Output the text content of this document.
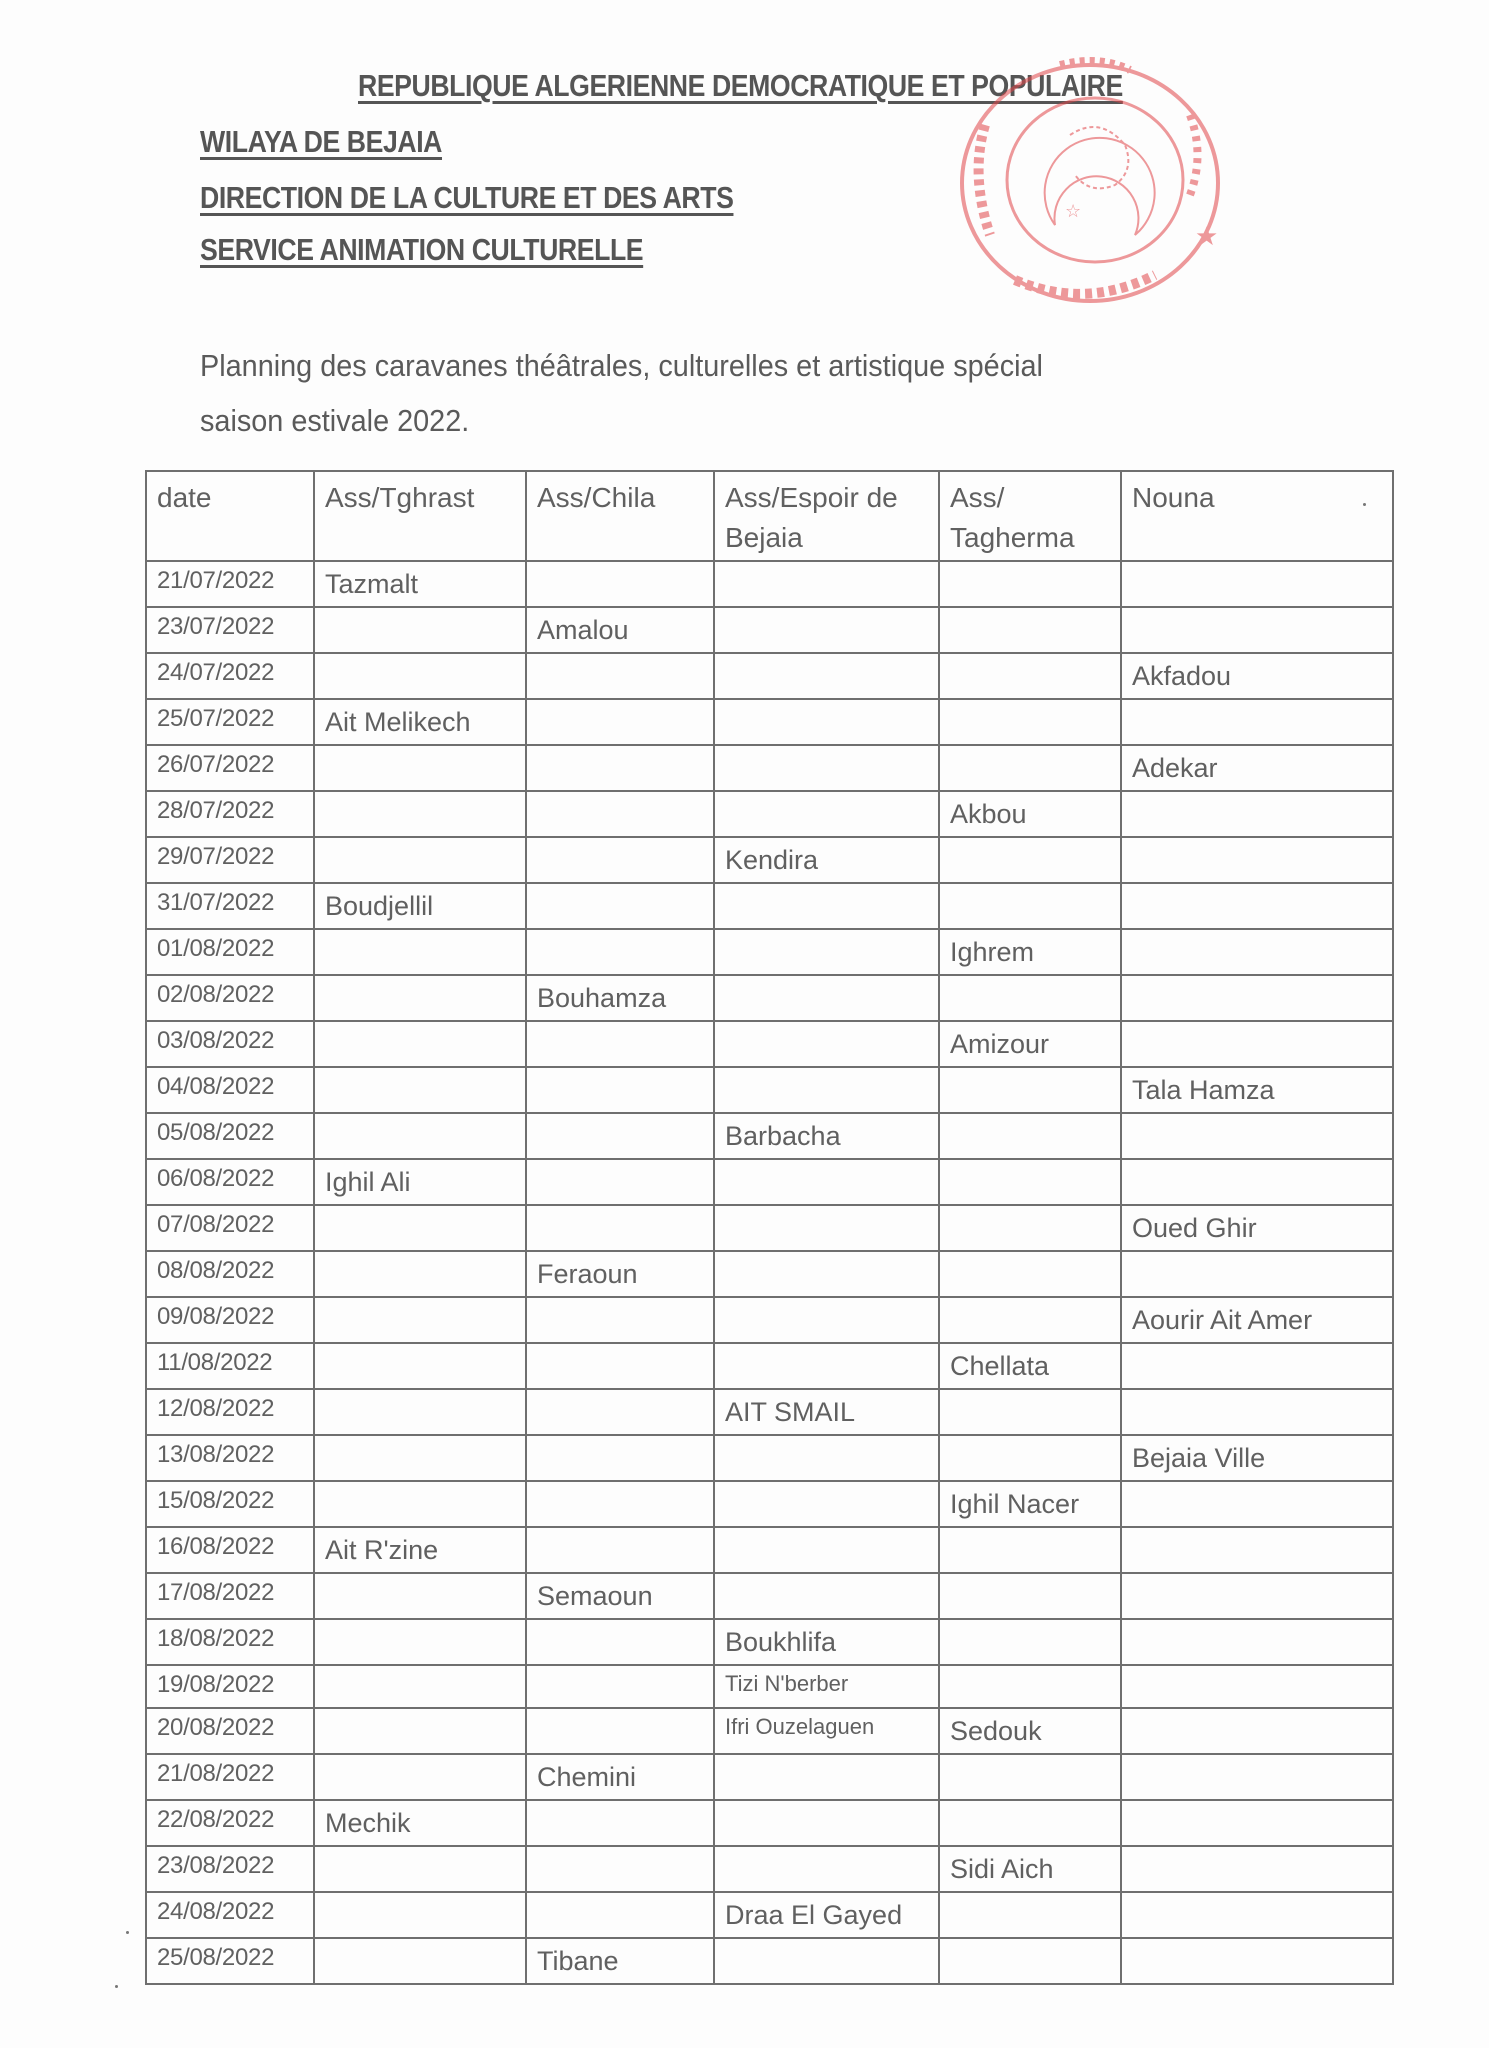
REPUBLIQUE ALGERIENNE DEMOCRATIQUE ET POPULAIRE
WILAYA DE BEJAIA
DIRECTION DE LA CULTURE ET DES ARTS
SERVICE ANIMATION CULTURELLE	★
☆
Planning des caravanes théâtrales, culturelles et artistique spécial
saison estivale 2022.
date	Ass/Tghrast	Ass/Chila	Ass/Espoir de Bejaia	Ass/ Tagherma	Nouna
21/07/2022	Tazmalt				
23/07/2022		Amalou			
24/07/2022					Akfadou
25/07/2022	Ait Melikech				
26/07/2022					Adekar
28/07/2022				Akbou	
29/07/2022			Kendira		
31/07/2022	Boudjellil				
01/08/2022				Ighrem	
02/08/2022		Bouhamza			
03/08/2022				Amizour	
04/08/2022					Tala Hamza
05/08/2022			Barbacha		
06/08/2022	Ighil Ali				
07/08/2022					Oued Ghir
08/08/2022		Feraoun			
09/08/2022					Aourir Ait Amer
11/08/2022				Chellata	
12/08/2022			AIT SMAIL		
13/08/2022					Bejaia Ville
15/08/2022				Ighil Nacer	
16/08/2022	Ait R'zine				
17/08/2022		Semaoun			
18/08/2022			Boukhlifa		
19/08/2022			Tizi N'berber		
20/08/2022			Ifri Ouzelaguen	Sedouk	
21/08/2022		Chemini			
22/08/2022	Mechik				
23/08/2022				Sidi Aich	
24/08/2022			Draa El Gayed		
25/08/2022		Tibane			
